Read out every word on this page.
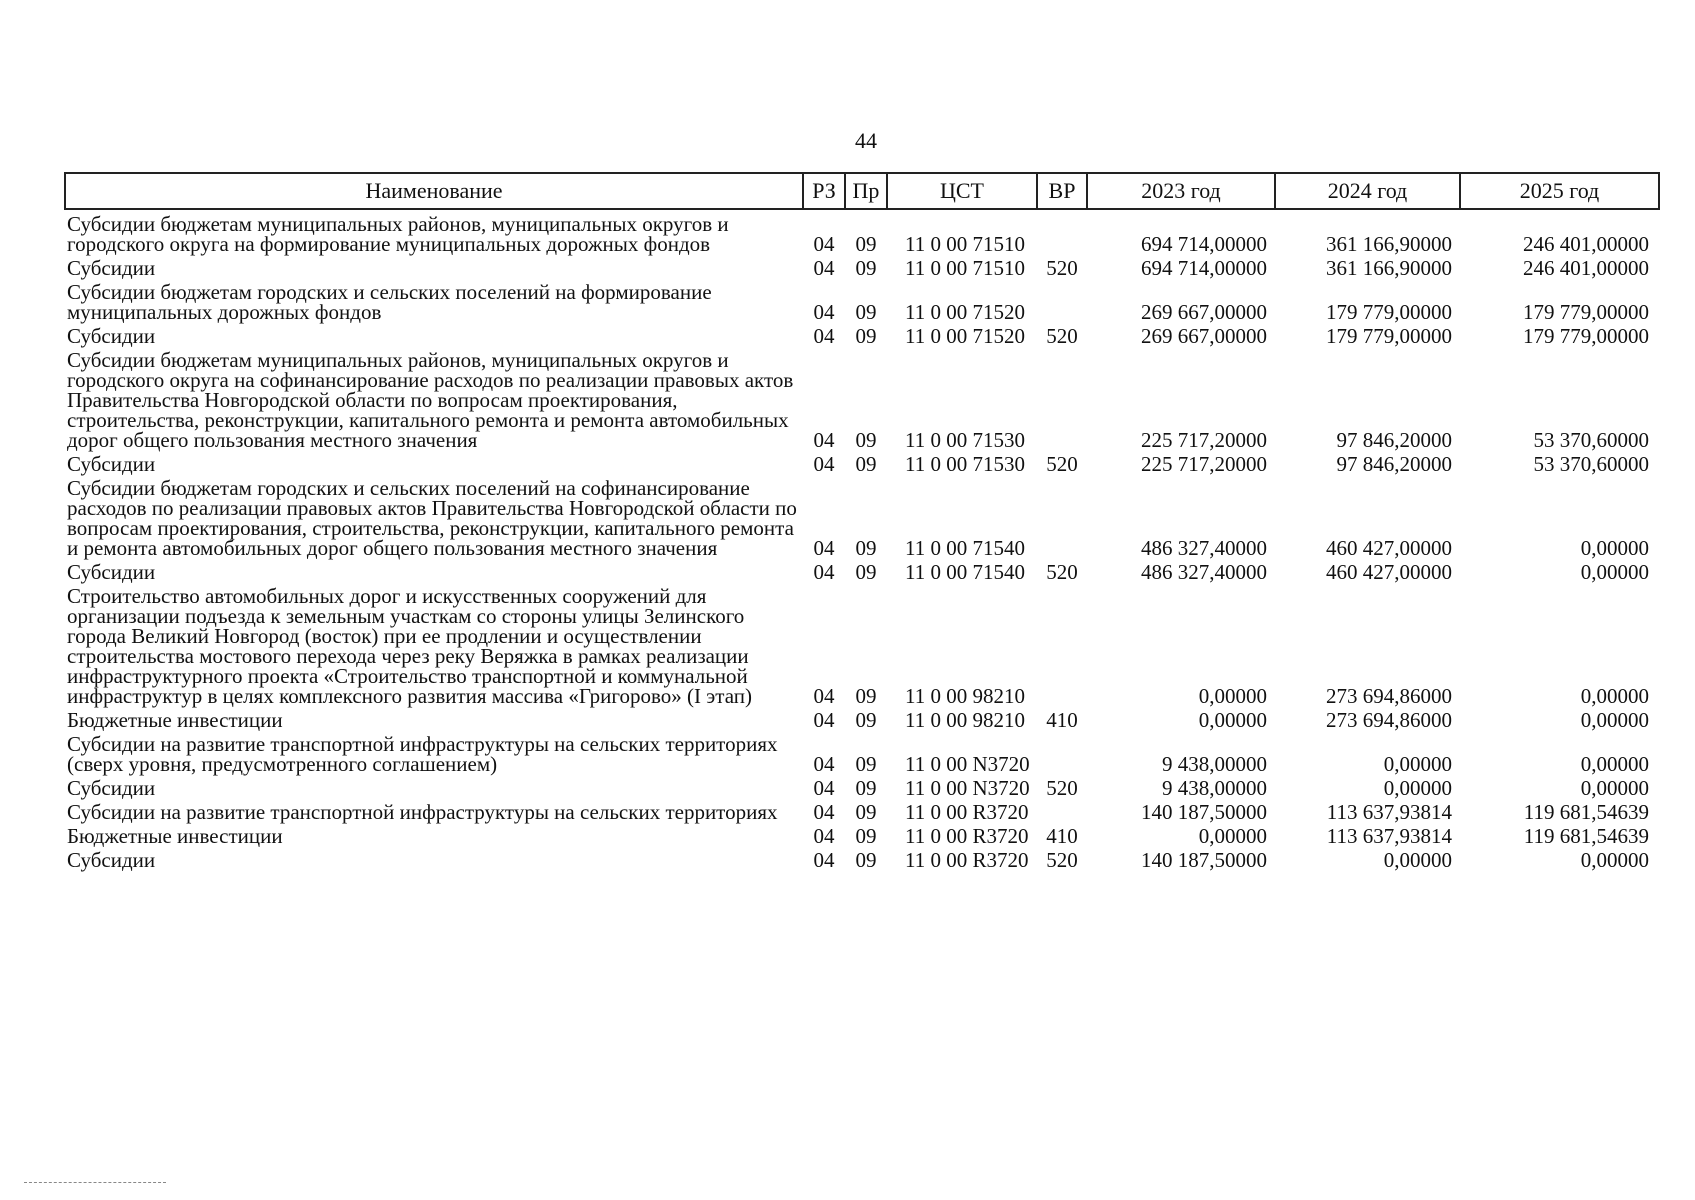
44
Наименование	РЗ	Пр	ЦСТ	ВР	2023 год	2024 год	2025 год
Субсидии бюджетам муниципальных районов, муниципальных округов и городского округа на формирование муниципальных дорожных фондов	04	09	11 0 00 71510		694 714,00000	361 166,90000	246 401,00000
Субсидии	04	09	11 0 00 71510	520	694 714,00000	361 166,90000	246 401,00000
Субсидии бюджетам городских и сельских поселений на формирование муниципальных дорожных фондов	04	09	11 0 00 71520		269 667,00000	179 779,00000	179 779,00000
Субсидии	04	09	11 0 00 71520	520	269 667,00000	179 779,00000	179 779,00000
Субсидии бюджетам муниципальных районов, муниципальных округов и городского округа на софинансирование расходов по реализации правовых актов Правительства Новгородской области по вопросам проектирования, строительства, реконструкции, капитального ремонта и ремонта автомобильных дорог общего пользования местного значения	04	09	11 0 00 71530		225 717,20000	97 846,20000	53 370,60000
Субсидии	04	09	11 0 00 71530	520	225 717,20000	97 846,20000	53 370,60000
Субсидии бюджетам городских и сельских поселений на софинансирование расходов по реализации правовых актов Правительства Новгородской области по вопросам проектирования, строительства, реконструкции, капитального ремонта и ремонта автомобильных дорог общего пользования местного значения	04	09	11 0 00 71540		486 327,40000	460 427,00000	0,00000
Субсидии	04	09	11 0 00 71540	520	486 327,40000	460 427,00000	0,00000
Строительство автомобильных дорог и искусственных сооружений для организации подъезда к земельным участкам со стороны улицы Зелинского города Великий Новгород (восток) при ее продлении и осуществлении строительства мостового перехода через реку Веряжка в рамках реализации инфраструктурного проекта «Строительство транспортной и коммунальной инфраструктур в целях комплексного развития массива «Григорово» (I этап)	04	09	11 0 00 98210		0,00000	273 694,86000	0,00000
Бюджетные инвестиции	04	09	11 0 00 98210	410	0,00000	273 694,86000	0,00000
Субсидии на развитие транспортной инфраструктуры на сельских территориях (сверх уровня, предусмотренного соглашением)	04	09	11 0 00 N3720		9 438,00000	0,00000	0,00000
Субсидии	04	09	11 0 00 N3720	520	9 438,00000	0,00000	0,00000
Субсидии на развитие транспортной инфраструктуры на сельских территориях	04	09	11 0 00 R3720		140 187,50000	113 637,93814	119 681,54639
Бюджетные инвестиции	04	09	11 0 00 R3720	410	0,00000	113 637,93814	119 681,54639
Субсидии	04	09	11 0 00 R3720	520	140 187,50000	0,00000	0,00000
